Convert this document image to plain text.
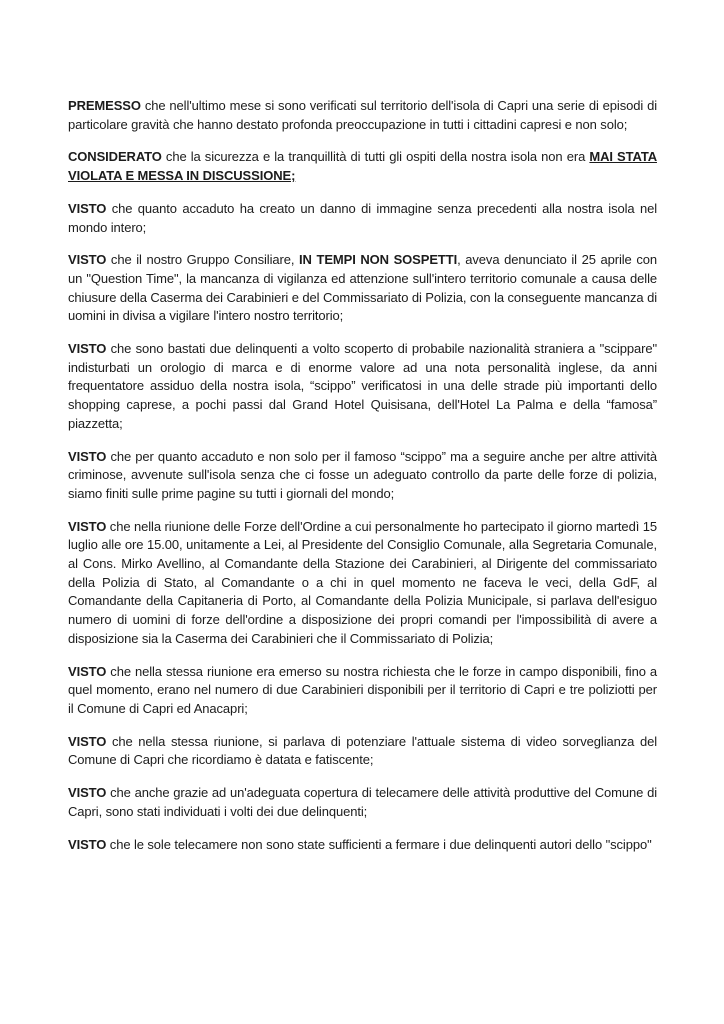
PREMESSO che nell'ultimo mese si sono verificati sul territorio dell'isola di Capri una serie di episodi di particolare gravità che hanno destato profonda preoccupazione in tutti i cittadini capresi e non solo;

CONSIDERATO che la sicurezza e la tranquillità di tutti gli ospiti della nostra isola non era MAI STATA VIOLATA E MESSA IN DISCUSSIONE;

VISTO che quanto accaduto ha creato un danno di immagine senza precedenti alla nostra isola nel mondo intero;

VISTO che il nostro Gruppo Consiliare, IN TEMPI NON SOSPETTI, aveva denunciato il 25 aprile con un "Question Time", la mancanza di vigilanza ed attenzione sull'intero territorio comunale a causa delle chiusure della Caserma dei Carabinieri e del Commissariato di Polizia, con la conseguente mancanza di uomini in divisa a vigilare l'intero nostro territorio;

VISTO che sono bastati due delinquenti a volto scoperto di probabile nazionalità straniera a "scippare" indisturbati un orologio di marca e di enorme valore ad una nota personalità inglese, da anni frequentatore assiduo della nostra isola, “scippo” verificatosi in una delle strade più importanti dello shopping caprese, a pochi passi dal Grand Hotel Quisisana, dell'Hotel La Palma e della “famosa” piazzetta;

VISTO che per quanto accaduto e non solo per il famoso “scippo” ma a seguire anche per altre attività criminose, avvenute sull'isola senza che ci fosse un adeguato controllo da parte delle forze di polizia, siamo finiti sulle prime pagine su tutti i giornali del mondo;

VISTO che nella riunione delle Forze dell'Ordine a cui personalmente ho partecipato il giorno martedì 15 luglio alle ore 15.00, unitamente a Lei, al Presidente del Consiglio Comunale, alla Segretaria Comunale, al Cons. Mirko Avellino, al Comandante della Stazione dei Carabinieri, al Dirigente del commissariato della Polizia di Stato, al Comandante o a chi in quel momento ne faceva le veci, della GdF, al Comandante della Capitaneria di Porto, al Comandante della Polizia Municipale, si parlava dell'esiguo numero di uomini di forze dell'ordine a disposizione dei propri comandi per l'impossibilità di avere a disposizione sia la Caserma dei Carabinieri che il Commissariato di Polizia;

VISTO che nella stessa riunione era emerso su nostra richiesta che le forze in campo disponibili, fino a quel momento, erano nel numero di due Carabinieri disponibili per il territorio di Capri e tre poliziotti per il Comune di Capri ed Anacapri;

VISTO che nella stessa riunione, si parlava di potenziare l'attuale sistema di video sorveglianza del Comune di Capri che ricordiamo è datata e fatiscente;

VISTO che anche grazie ad un'adeguata copertura di telecamere delle attività produttive del Comune di Capri, sono stati individuati i volti dei due delinquenti;

VISTO che le sole telecamere non sono state sufficienti a fermare i due delinquenti autori dello "scippo"
